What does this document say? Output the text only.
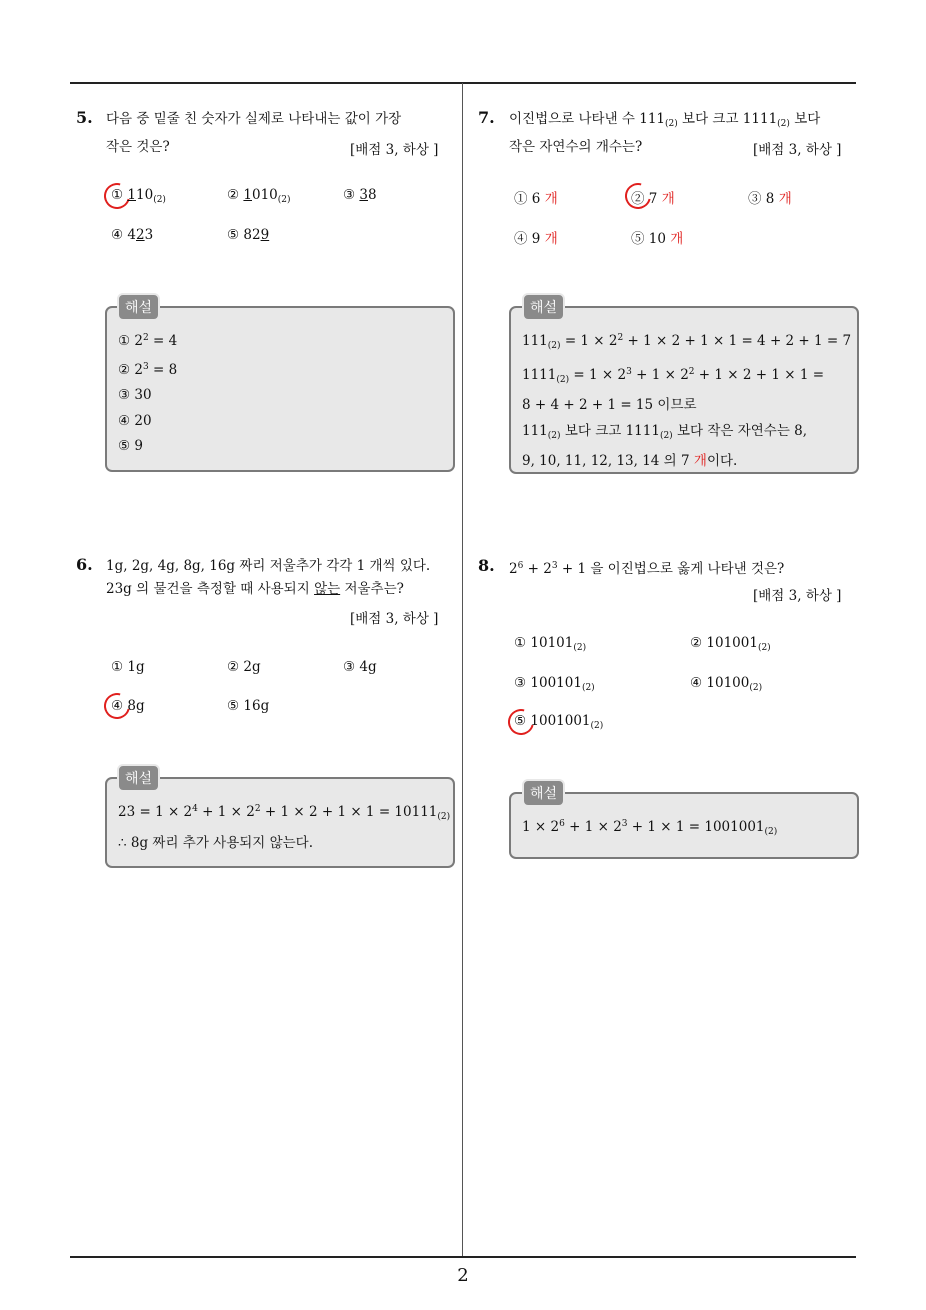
5. 다음 중 밑줄 친 숫자가 실제로 나타내는 값이 가장
작은 것은?	[배점 3, 하상 ]
① $110_{(2)}$	② $1010_{(2)}$	③ 38
④ 423	⑤ 829
해설
① $2^2 = 4$
② $2^3 = 8$
③ 30
④ 20
⑤ 9
6. 1g, 2g, 4g, 8g, 16g 짜리 저울추가 각각 1 개씩 있다.
23g 의 물건을 측정할 때 사용되지 않는 저울추는?
[배점 3, 하상 ]
① 1g	② 2g	③ 4g
④ 8g	⑤ 16g
해설
$23 = 1 \times 2^4 + 1 \times 2^2 + 1 \times 2 + 1 \times 1 = 10111_{(2)}$
∴ 8g 짜리 추가 사용되지 않는다.
7. 이진법으로 나타낸 수 $111_{(2)}$ 보다 크고 $1111_{(2)}$ 보다
작은 자연수의 개수는?	[배점 3, 하상 ]
① 6 개	② 7 개	③ 8 개
④ 9 개	⑤ 10 개
해설
$111_{(2)} = 1 \times 2^2 + 1 \times 2 + 1 \times 1 = 4 + 2 + 1 = 7$
$1111_{(2)} = 1 \times 2^3 + 1 \times 2^2 + 1 \times 2 + 1 \times 1$ =
8 + 4 + 2 + 1 = 15 이므로
$111_{(2)}$ 보다 크고 $1111_{(2)}$ 보다 작은 자연수는 8,
9, 10, 11, 12, 13, 14 의 7 개이다.
8. $2^6 + 2^3 + 1$ 을 이진법으로 옳게 나타낸 것은?
[배점 3, 하상 ]
① $10101_{(2)}$	② $101001_{(2)}$
③ $100101_{(2)}$	④ $10100_{(2)}$
⑤ $1001001_{(2)}$
해설
$1 \times 2^6 + 1 \times 2^3 + 1 \times 1 = 1001001_{(2)}$
2
